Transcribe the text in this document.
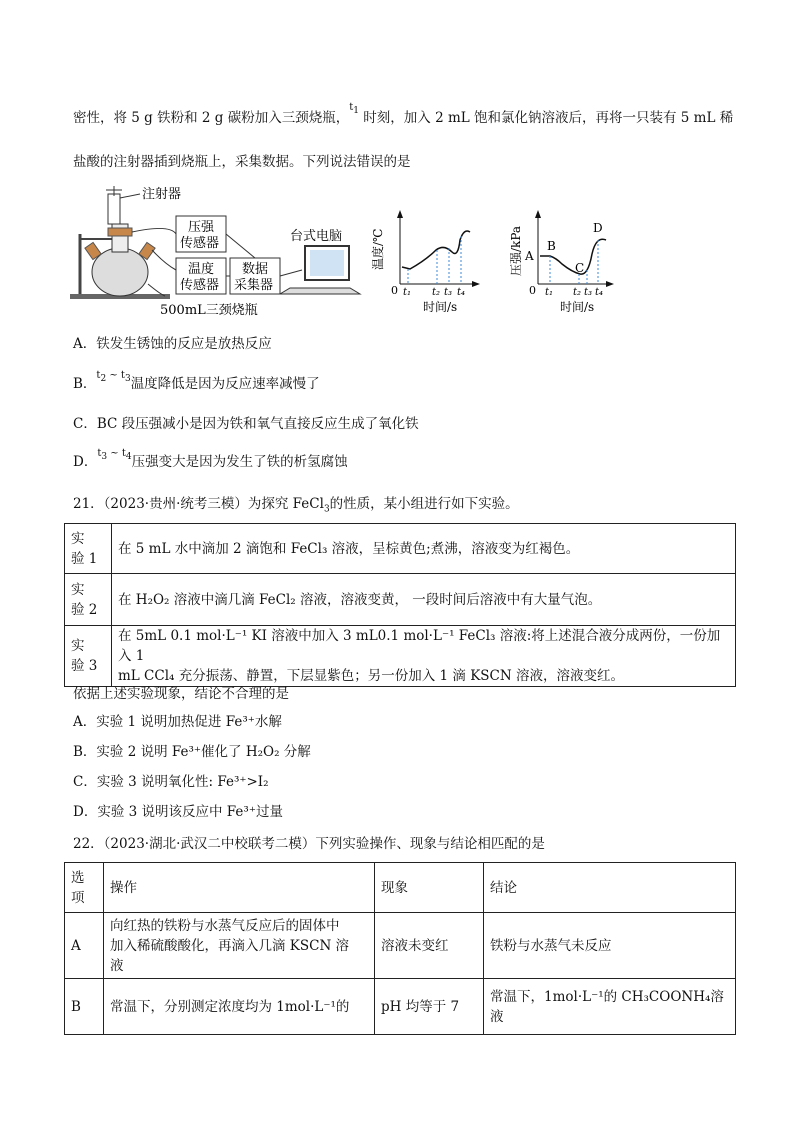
密性，将 5 g 铁粉和 2 g 碳粉加入三颈烧瓶，$^{t_1}$ 时刻，加入 2 mL 饱和氯化钠溶液后，再将一只装有 5 mL 稀
盐酸的注射器插到烧瓶上，采集数据。下列说法错误的是
注射器
压强
传感器
温度
传感器
数据
采集器
台式电脑
500mL三颈烧瓶
温度/℃
0 t₁ t₂ t₃ t₄
时间/s
压强/kPa
0
A
B
C
D
t₁ t₂ t₃ t₄
时间/s
A．铁发生锈蚀的反应是放热反应
B．$^{t_2 \sim t_3}$温度降低是因为反应速率减慢了
C．BC 段压强减小是因为铁和氧气直接反应生成了氧化铁
D．$^{t_3 \sim t_4}$压强变大是因为发生了铁的析氢腐蚀
21．（2023·贵州·统考三模）为探究 FeCl$_3$的性质，某小组进行如下实验。
实
验 1	在 5 mL 水中滴加 2 滴饱和 FeCl₃ 溶液，呈棕黄色;煮沸，溶液变为红褐色。
实
验 2	在 H₂O₂ 溶液中滴几滴 FeCl₂ 溶液，溶液变黄， 一段时间后溶液中有大量气泡。
实
验 3	在 5mL 0.1 mol·L⁻¹ KI 溶液中加入 3 mL0.1 mol·L⁻¹ FeCl₃ 溶液:将上述混合液分成两份，一份加入 1
mL CCl₄ 充分振荡、静置，下层显紫色；另一份加入 1 滴 KSCN 溶液，溶液变红。
依据上述实验现象，结论不合理的是
A．实验 1 说明加热促进 Fe³⁺水解
B．实验 2 说明 Fe³⁺催化了 H₂O₂ 分解
C．实验 3 说明氧化性: Fe³⁺>I₂
D．实验 3 说明该反应中 Fe³⁺过量
22．（2023·湖北·武汉二中校联考二模）下列实验操作、现象与结论相匹配的是
选
项	操作	现象	结论
A	向红热的铁粉与水蒸气反应后的固体中
加入稀硫酸酸化，再滴入几滴 KSCN 溶
液	溶液未变红	铁粉与水蒸气未反应
B	常温下，分别测定浓度均为 1mol·L⁻¹的	pH 均等于 7	常温下，1mol·L⁻¹的 CH₃COONH₄溶液
